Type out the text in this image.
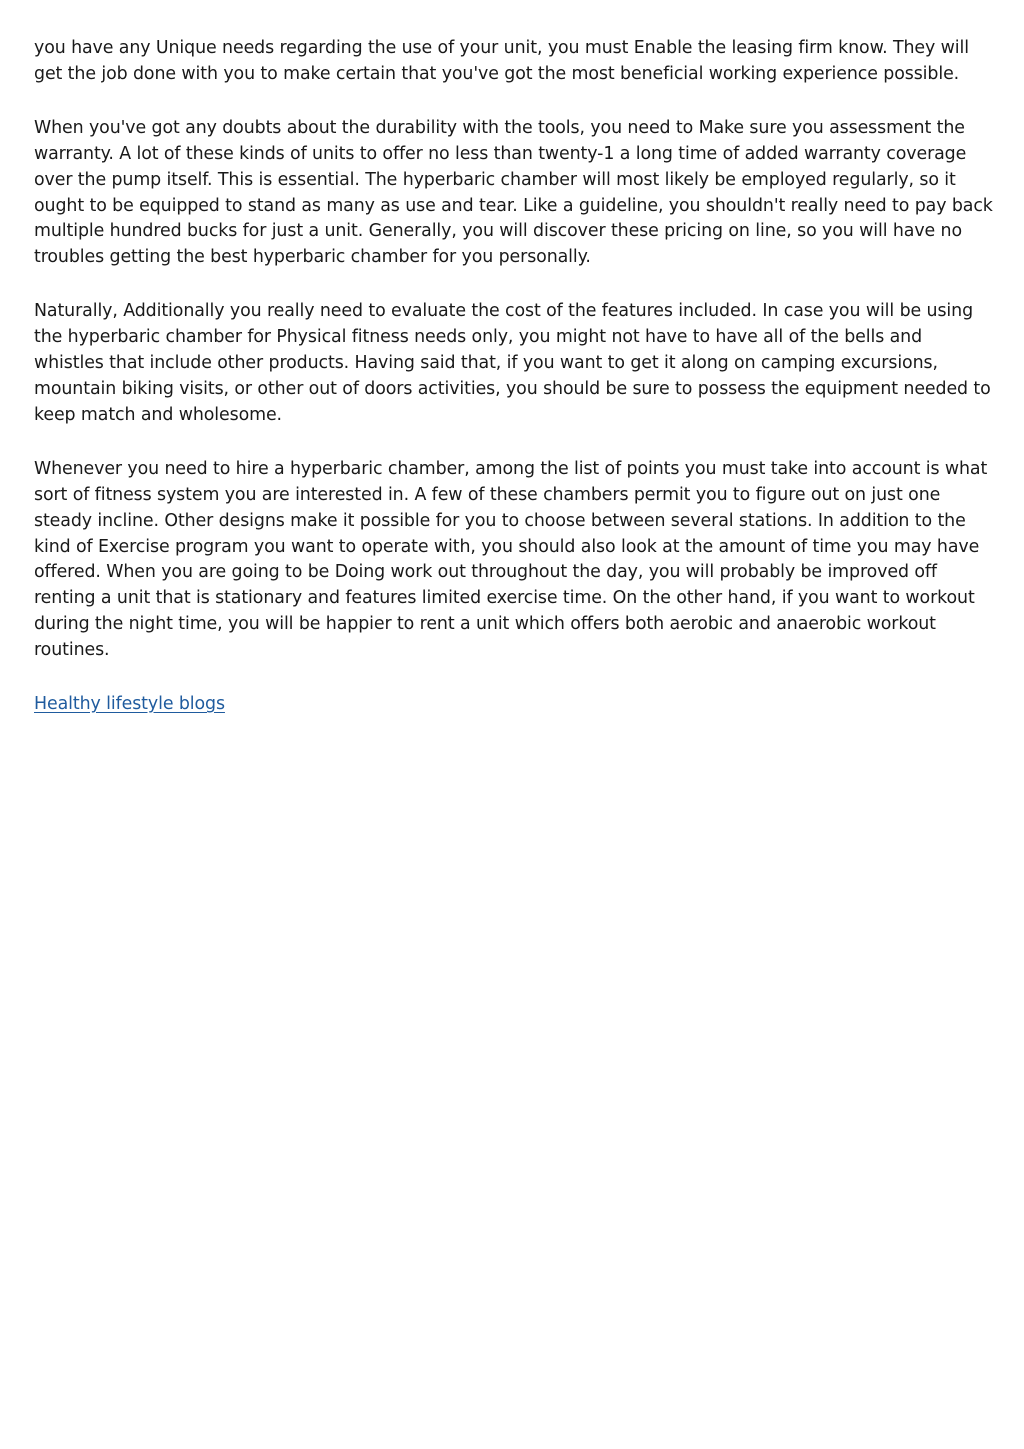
you have any Unique needs regarding the use of your unit, you must Enable the leasing firm know. They will get the job done with you to make certain that you've got the most beneficial working experience possible.

When you've got any doubts about the durability with the tools, you need to Make sure you assessment the warranty. A lot of these kinds of units to offer no less than twenty-1 a long time of added warranty coverage over the pump itself. This is essential. The hyperbaric chamber will most likely be employed regularly, so it ought to be equipped to stand as many as use and tear. Like a guideline, you shouldn't really need to pay back multiple hundred bucks for just a unit. Generally, you will discover these pricing on line, so you will have no troubles getting the best hyperbaric chamber for you personally.

Naturally, Additionally you really need to evaluate the cost of the features included. In case you will be using the hyperbaric chamber for Physical fitness needs only, you might not have to have all of the bells and whistles that include other products. Having said that, if you want to get it along on camping excursions, mountain biking visits, or other out of doors activities, you should be sure to possess the equipment needed to keep match and wholesome.

Whenever you need to hire a hyperbaric chamber, among the list of points you must take into account is what sort of fitness system you are interested in. A few of these chambers permit you to figure out on just one steady incline. Other designs make it possible for you to choose between several stations. In addition to the kind of Exercise program you want to operate with, you should also look at the amount of time you may have offered. When you are going to be Doing work out throughout the day, you will probably be improved off renting a unit that is stationary and features limited exercise time. On the other hand, if you want to workout during the night time, you will be happier to rent a unit which offers both aerobic and anaerobic workout routines.

Healthy lifestyle blogs
